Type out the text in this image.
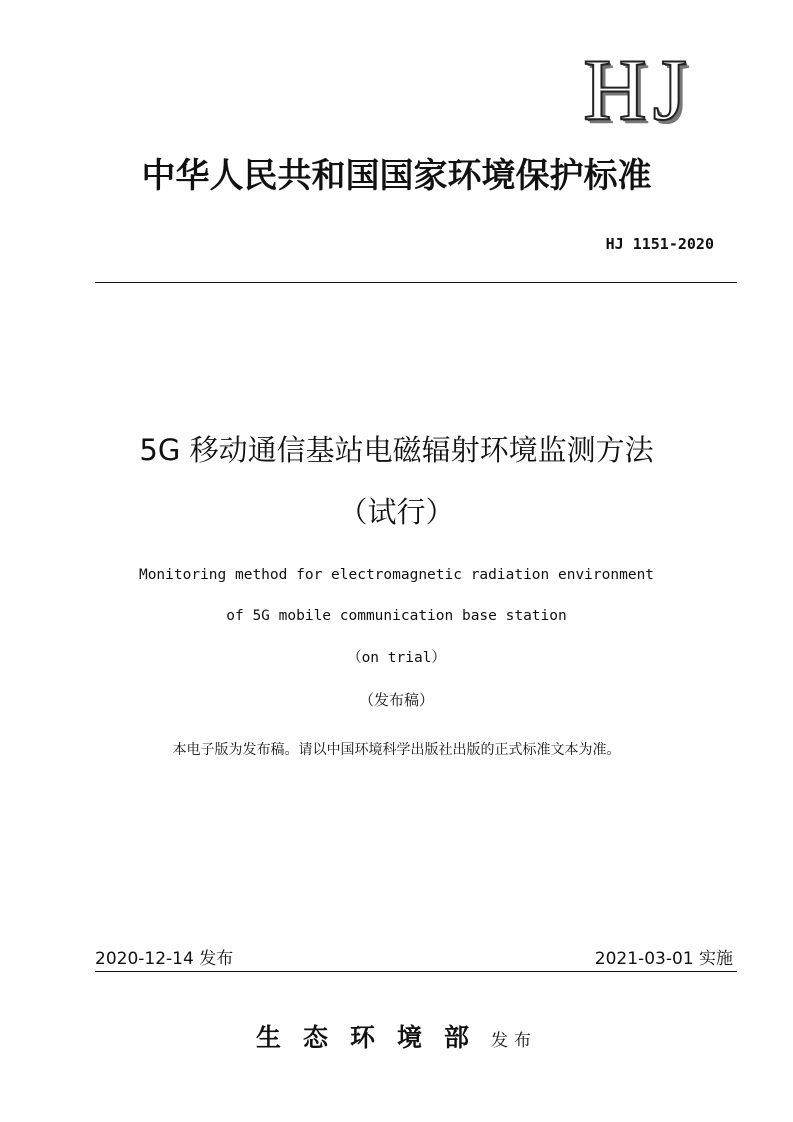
HJ
中华人民共和国国家环境保护标准
HJ 1151-2020
5G 移动通信基站电磁辐射环境监测方法
（试行）
Monitoring method for electromagnetic radiation environment
of 5G mobile communication base station
（on trial）
（发布稿）
本电子版为发布稿。请以中国环境科学出版社出版的正式标准文本为准。
2020-12-14 发布	2021-03-01 实施
生态环境部发布
